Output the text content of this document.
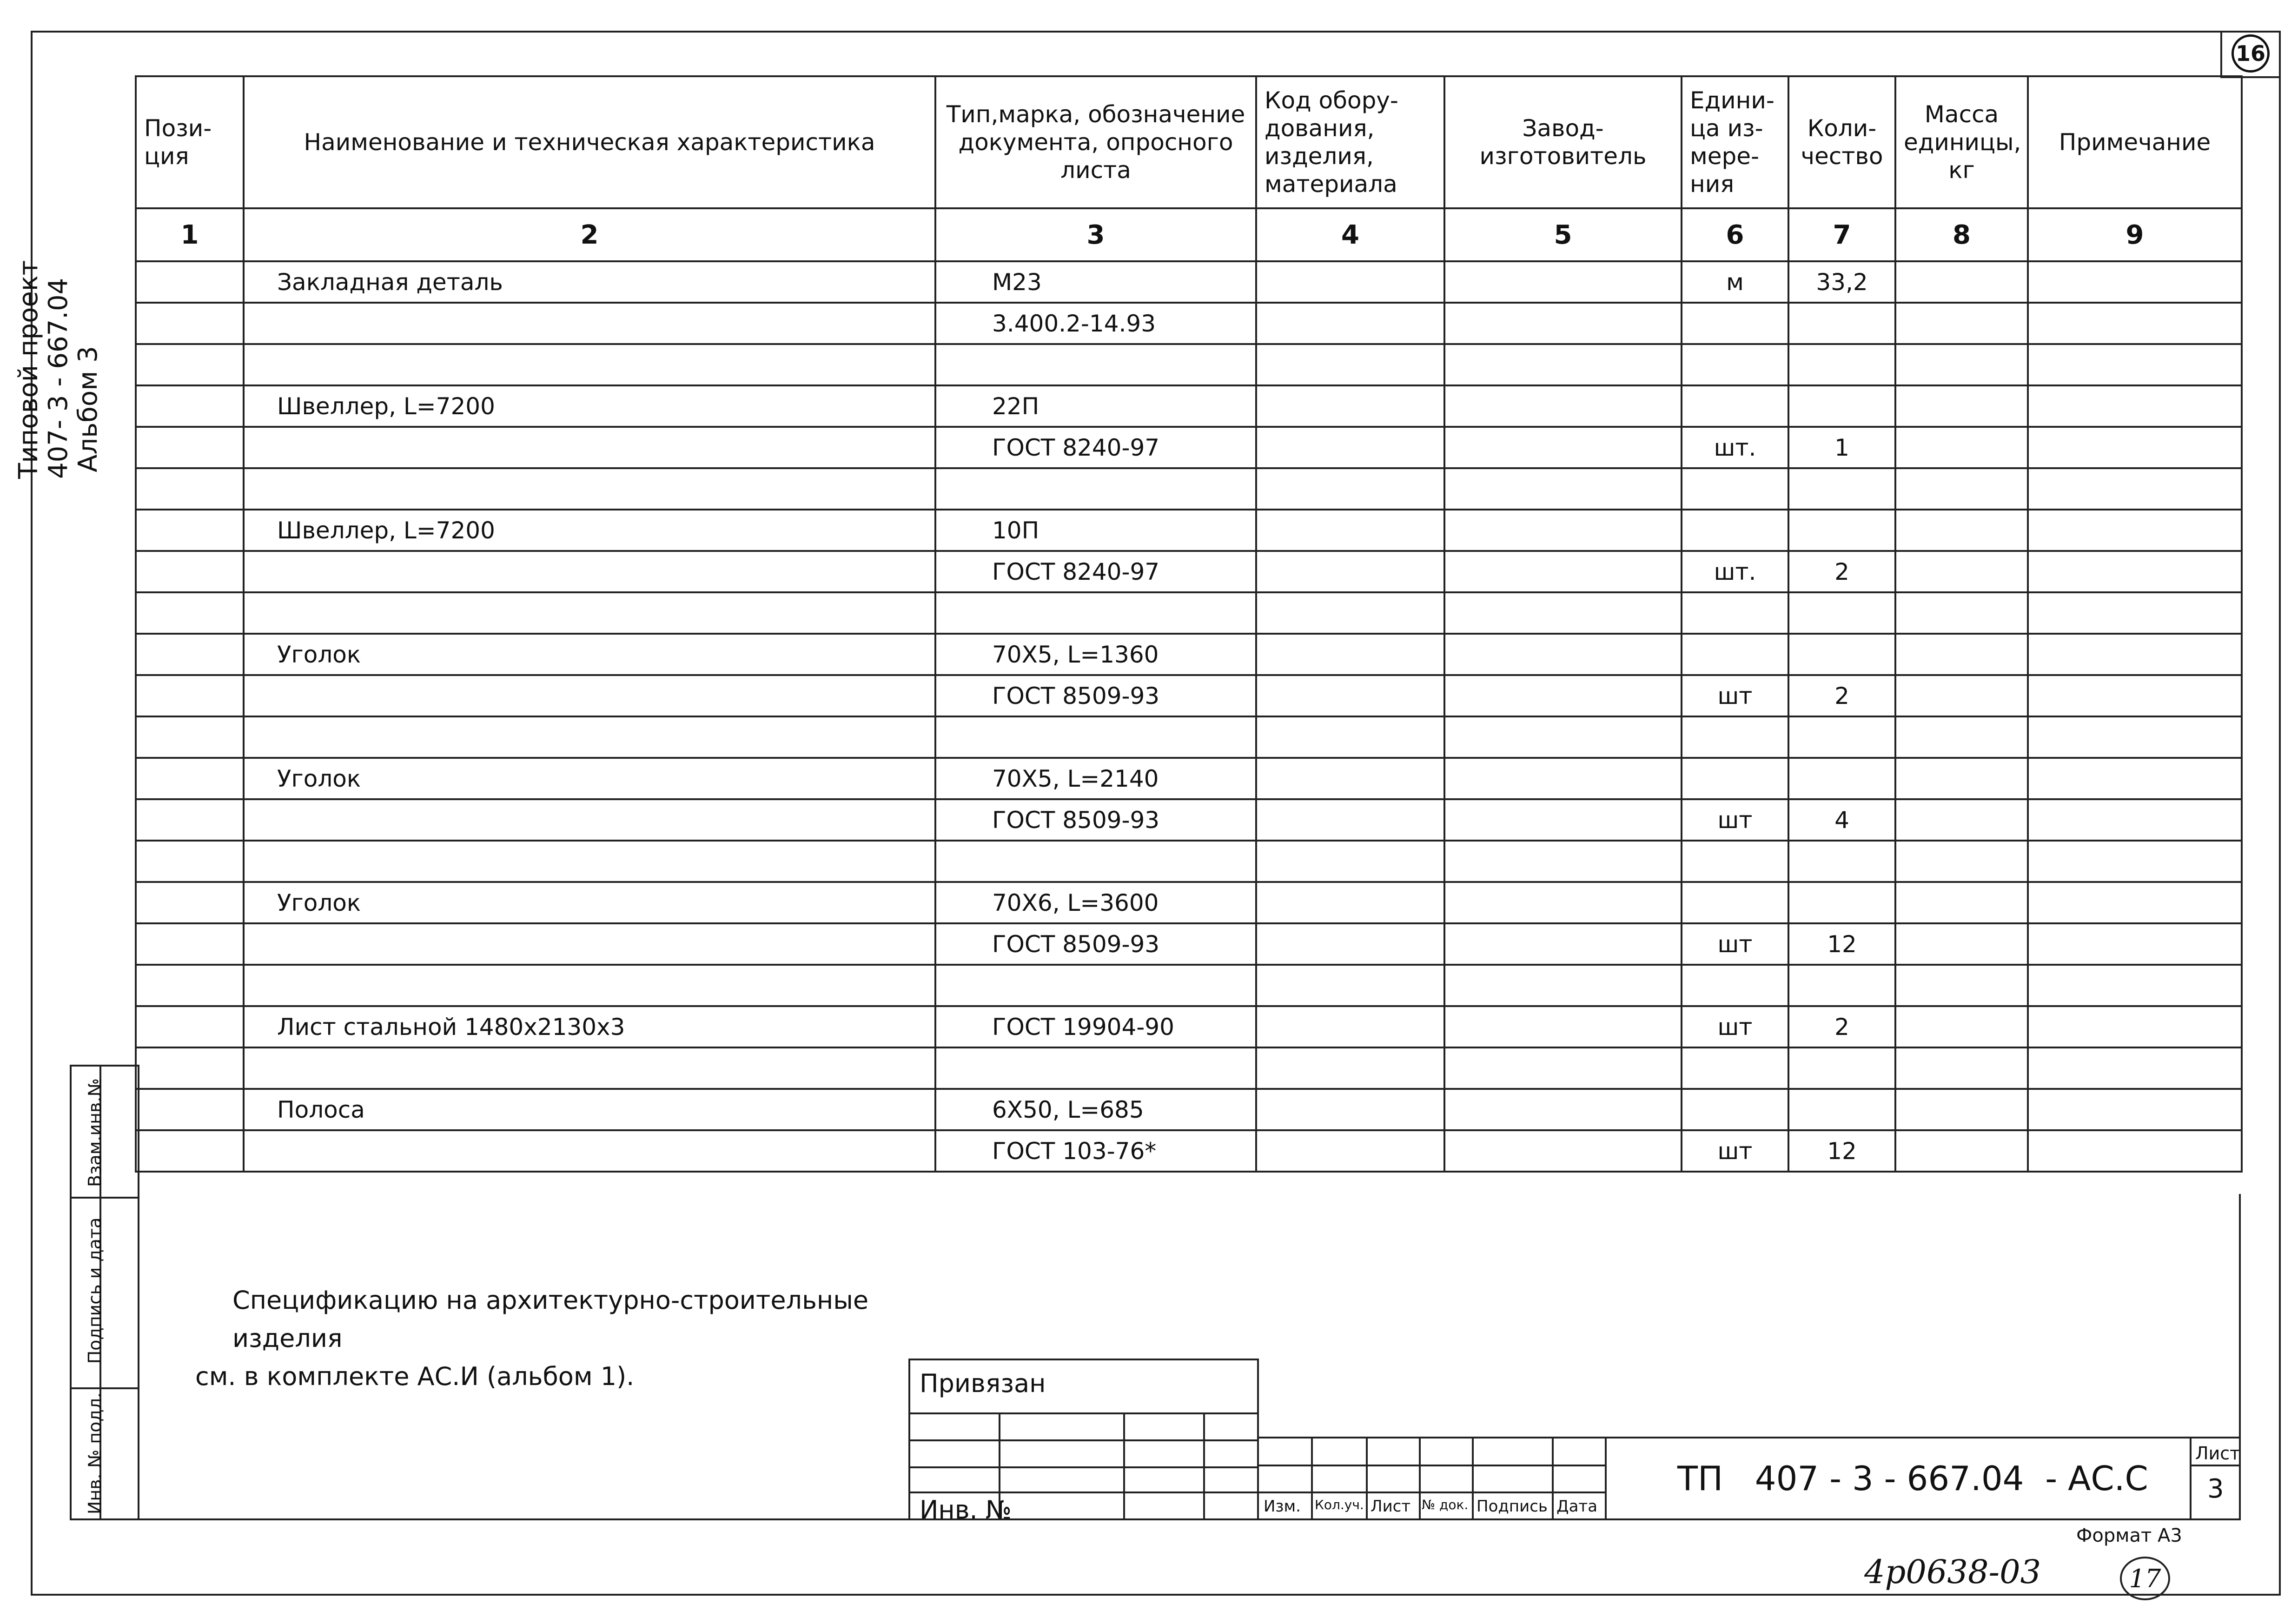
16
Типовой проект 407- 3 - 667.04 Альбом 3
Пози-ция	Наименование и техническая характеристика	Тип,марка, обозначение документа, опросного листа	Код обору-дования, изделия, материала	Завод-изготовитель	Едини-ца из-мере-ния	Коли-чество	Масса единицы, кг	Примечание
1	2	3	4	5	6	7	8	9
	Закладная деталь	М23			м	33,2		
		3.400.2-14.93						

	Швеллер, L=7200	22П						
		ГОСТ 8240-97			шт.	1		

	Швеллер, L=7200	10П						
		ГОСТ 8240-97			шт.	2		

	Уголок	70Х5, L=1360						
		ГОСТ 8509-93			шт	2		

	Уголок	70Х5, L=2140						
		ГОСТ 8509-93			шт	4		

	Уголок	70Х6, L=3600						
		ГОСТ 8509-93			шт	12		

	Лист стальной 1480х2130х3	ГОСТ 19904-90			шт	2		

	Полоса	6Х50, L=685						
		ГОСТ 103-76*			шт	12		
Взам.инв.№
Подпись и дата
Инв. № подл.
Спецификацию на архитектурно-строительные изделия
см. в комплекте АС.И (альбом 1).	Привязан
Инв. №	Изм. Кол.уч. Лист № док. Подпись Дата
ТП   407 - 3 - 667.04  - АС.С
Лист
3
Формат А3
4р0638-03	17
